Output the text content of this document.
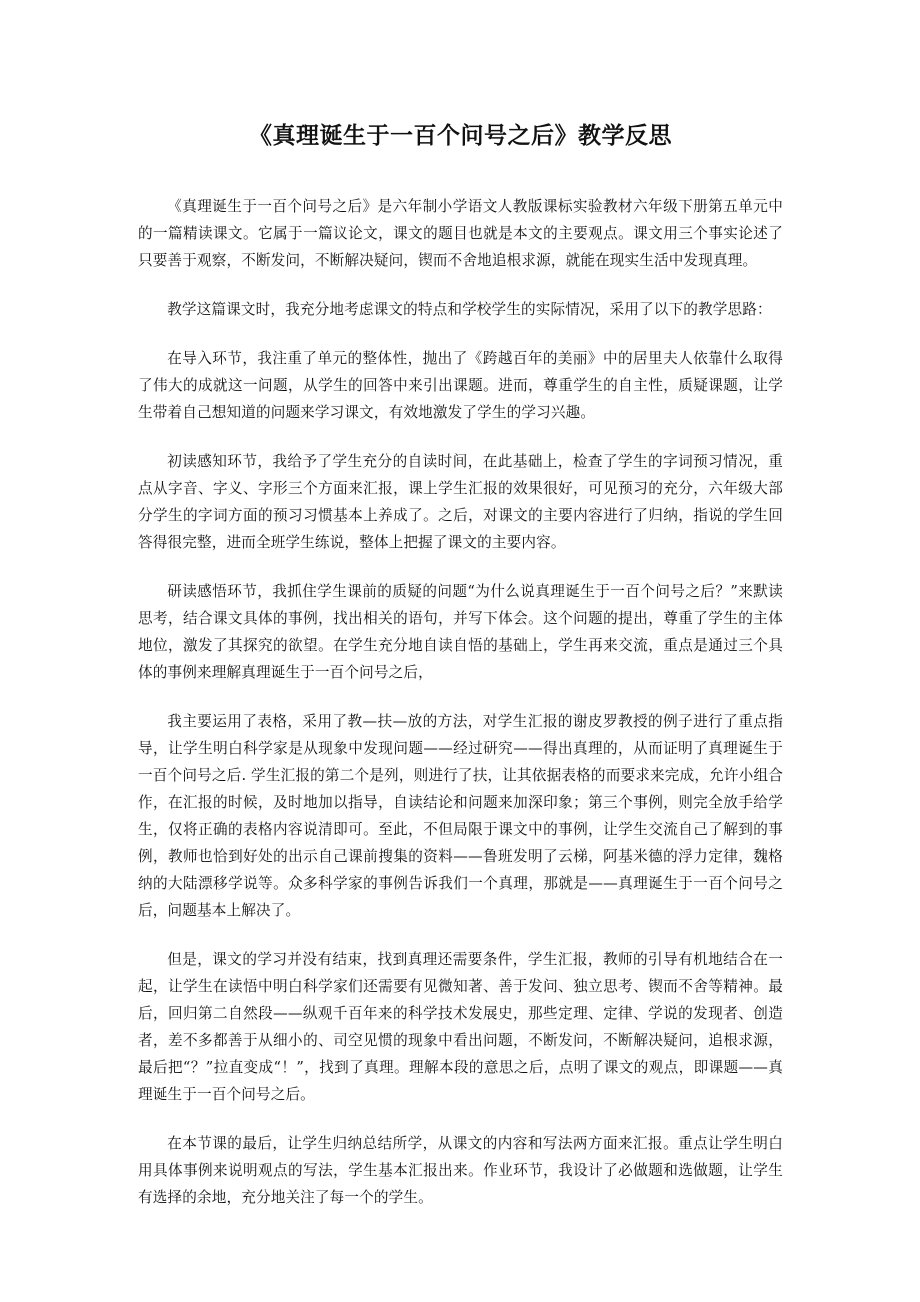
《真理诞生于一百个问号之后》教学反思

《真理诞生于一百个问号之后》是六年制小学语文人教版课标实验教材六年级下册第五单元中的一篇精读课文。它属于一篇议论文，课文的题目也就是本文的主要观点。课文用三个事实论述了只要善于观察，不断发问，不断解决疑问，锲而不舍地追根求源，就能在现实生活中发现真理。

教学这篇课文时，我充分地考虑课文的特点和学校学生的实际情况，采用了以下的教学思路：

在导入环节，我注重了单元的整体性，抛出了《跨越百年的美丽》中的居里夫人依靠什么取得了伟大的成就这一问题，从学生的回答中来引出课题。进而，尊重学生的自主性，质疑课题，让学生带着自己想知道的问题来学习课文，有效地激发了学生的学习兴趣。

初读感知环节，我给予了学生充分的自读时间，在此基础上，检查了学生的字词预习情况，重点从字音、字义、字形三个方面来汇报，课上学生汇报的效果很好，可见预习的充分，六年级大部分学生的字词方面的预习习惯基本上养成了。之后，对课文的主要内容进行了归纳，指说的学生回答得很完整，进而全班学生练说，整体上把握了课文的主要内容。

研读感悟环节，我抓住学生课前的质疑的问题“为什么说真理诞生于一百个问号之后？”来默读思考，结合课文具体的事例，找出相关的语句，并写下体会。这个问题的提出，尊重了学生的主体地位，激发了其探究的欲望。在学生充分地自读自悟的基础上，学生再来交流，重点是通过三个具体的事例来理解真理诞生于一百个问号之后，

我主要运用了表格，采用了教—扶—放的方法，对学生汇报的谢皮罗教授的例子进行了重点指导，让学生明白科学家是从现象中发现问题——经过研究——得出真理的，从而证明了真理诞生于一百个问号之后. 学生汇报的第二个是列，则进行了扶，让其依据表格的而要求来完成，允许小组合作，在汇报的时候，及时地加以指导，自读结论和问题来加深印象；第三个事例，则完全放手给学生，仅将正确的表格内容说清即可。至此，不但局限于课文中的事例，让学生交流自己了解到的事例，教师也恰到好处的出示自己课前搜集的资料——鲁班发明了云梯，阿基米德的浮力定律，魏格纳的大陆漂移学说等。众多科学家的事例告诉我们一个真理，那就是——真理诞生于一百个问号之后，问题基本上解决了。

但是，课文的学习并没有结束，找到真理还需要条件，学生汇报，教师的引导有机地结合在一起，让学生在读悟中明白科学家们还需要有见微知著、善于发问、独立思考、锲而不舍等精神。最后，回归第二自然段——纵观千百年来的科学技术发展史，那些定理、定律、学说的发现者、创造者，差不多都善于从细小的、司空见惯的现象中看出问题，不断发问，不断解决疑问，追根求源，最后把“？”拉直变成“！”，找到了真理。理解本段的意思之后，点明了课文的观点，即课题——真理诞生于一百个问号之后。

在本节课的最后，让学生归纳总结所学，从课文的内容和写法两方面来汇报。重点让学生明白用具体事例来说明观点的写法，学生基本汇报出来。作业环节，我设计了必做题和选做题，让学生有选择的余地，充分地关注了每一个的学生。
